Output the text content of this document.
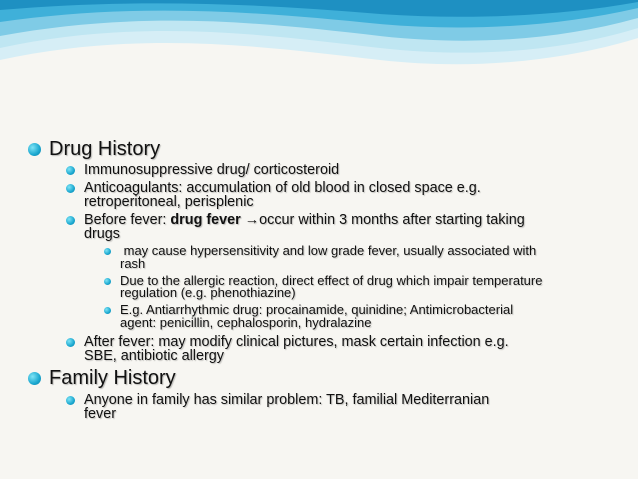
Drug History
Immunosuppressive drug/ corticosteroid
Anticoagulants: accumulation of old blood in closed space e.g.
retroperitoneal, perisplenic
Before fever: drug fever →occur within 3 months after starting taking
drugs
may cause hypersensitivity and low grade fever, usually associated with
rash
Due to the allergic reaction, direct effect of drug which impair temperature
regulation (e.g. phenothiazine)
E.g. Antiarrhythmic drug: procainamide, quinidine; Antimicrobacterial
agent: penicillin, cephalosporin, hydralazine
After fever: may modify clinical pictures, mask certain infection e.g.
SBE, antibiotic allergy
Family History
Anyone in family has similar problem: TB, familial Mediterranian
fever
